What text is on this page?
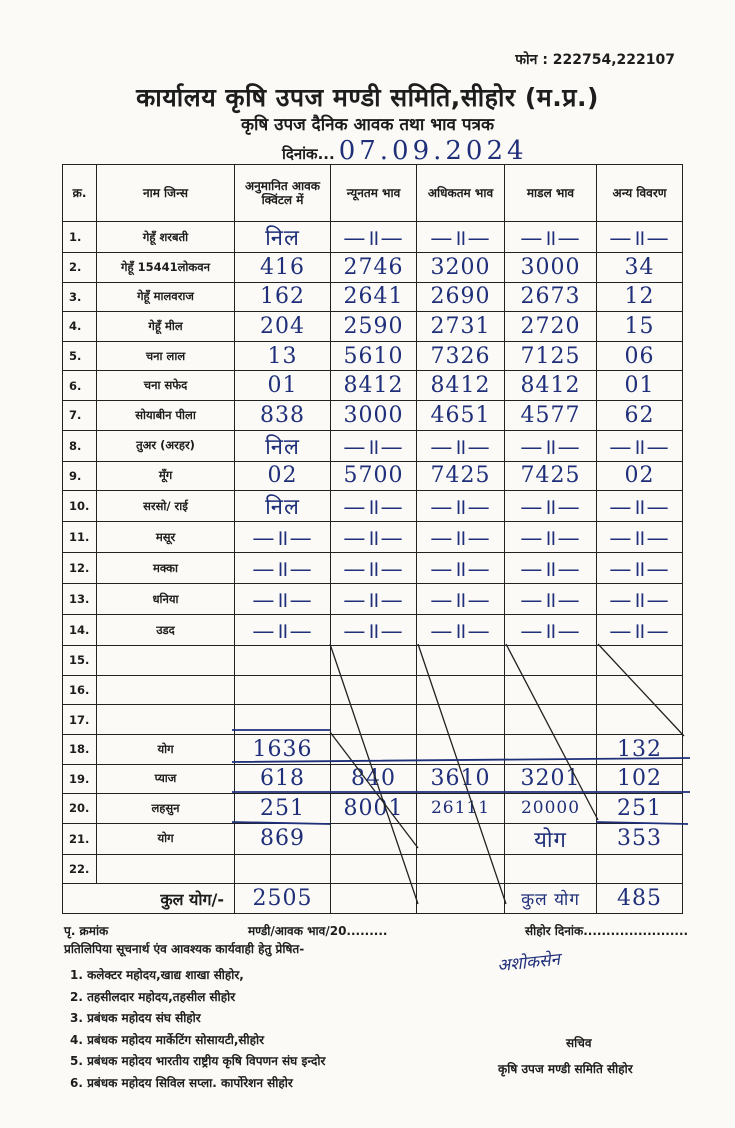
फोन : 222754,222107
कार्यालय कृषि उपज मण्डी समिति,सीहोर (म.प्र.)
कृषि उपज दैनिक आवक तथा भाव पत्रक
दिनांक... 07.09.2024
क्र.	नाम जिन्स	अनुमानित आवक क्विंटल में	न्यूनतम भाव	अधिकतम भाव	माडल भाव	अन्य विवरण
1.	गेहूँ शरबती	निल	—॥—	—॥—	—॥—	—॥—
2.	गेहूँ 15441लोकवन	416	2746	3200	3000	34
3.	गेहूँ मालवराज	162	2641	2690	2673	12
4.	गेहूँ मील	204	2590	2731	2720	15
5.	चना लाल	13	5610	7326	7125	06
6.	चना सफेद	01	8412	8412	8412	01
7.	सोयाबीन पीला	838	3000	4651	4577	62
8.	तुअर (अरहर)	निल	—॥—	—॥—	—॥—	—॥—
9.	मूँग	02	5700	7425	7425	02
10.	सरसो/ राई	निल	—॥—	—॥—	—॥—	—॥—
11.	मसूर	—॥—	—॥—	—॥—	—॥—	—॥—
12.	मक्का	—॥—	—॥—	—॥—	—॥—	—॥—
13.	धनिया	—॥—	—॥—	—॥—	—॥—	—॥—
14.	उडद	—॥—	—॥—	—॥—	—॥—	—॥—
15.						
16.						
17.						
18.	योग	1636				132
19.	प्याज	618	840	3610	3201	102
20.	लहसुन	251	8001	26111	20000	251
21.	योग	869			योग	353
22.						
कुल योग/-		2505			कुल योग	485
पृ. क्रमांक	मण्डी/आवक भाव/20.........	सीहोर दिनांक.......................
प्रतिलिपिया सूचनार्थ एंव आवश्यक कार्यवाही हेतु प्रेषित-
1. कलेक्टर महोदय,खाद्य शाखा सीहोर,
2. तहसीलदार महोदय,तहसील सीहोर
3. प्रबंधक महोदय संघ सीहोर
4. प्रबंधक महोदय मार्केटिंग सोसायटी,सीहोर
5. प्रबंधक महोदय भारतीय राष्ट्रीय कृषि विपणन संघ इन्दोर
6. प्रबंधक महोदय सिविल सप्ला. कार्पोरेशन सीहोर
अशोकसेन
सचिव
कृषि उपज मण्डी समिति सीहोर
